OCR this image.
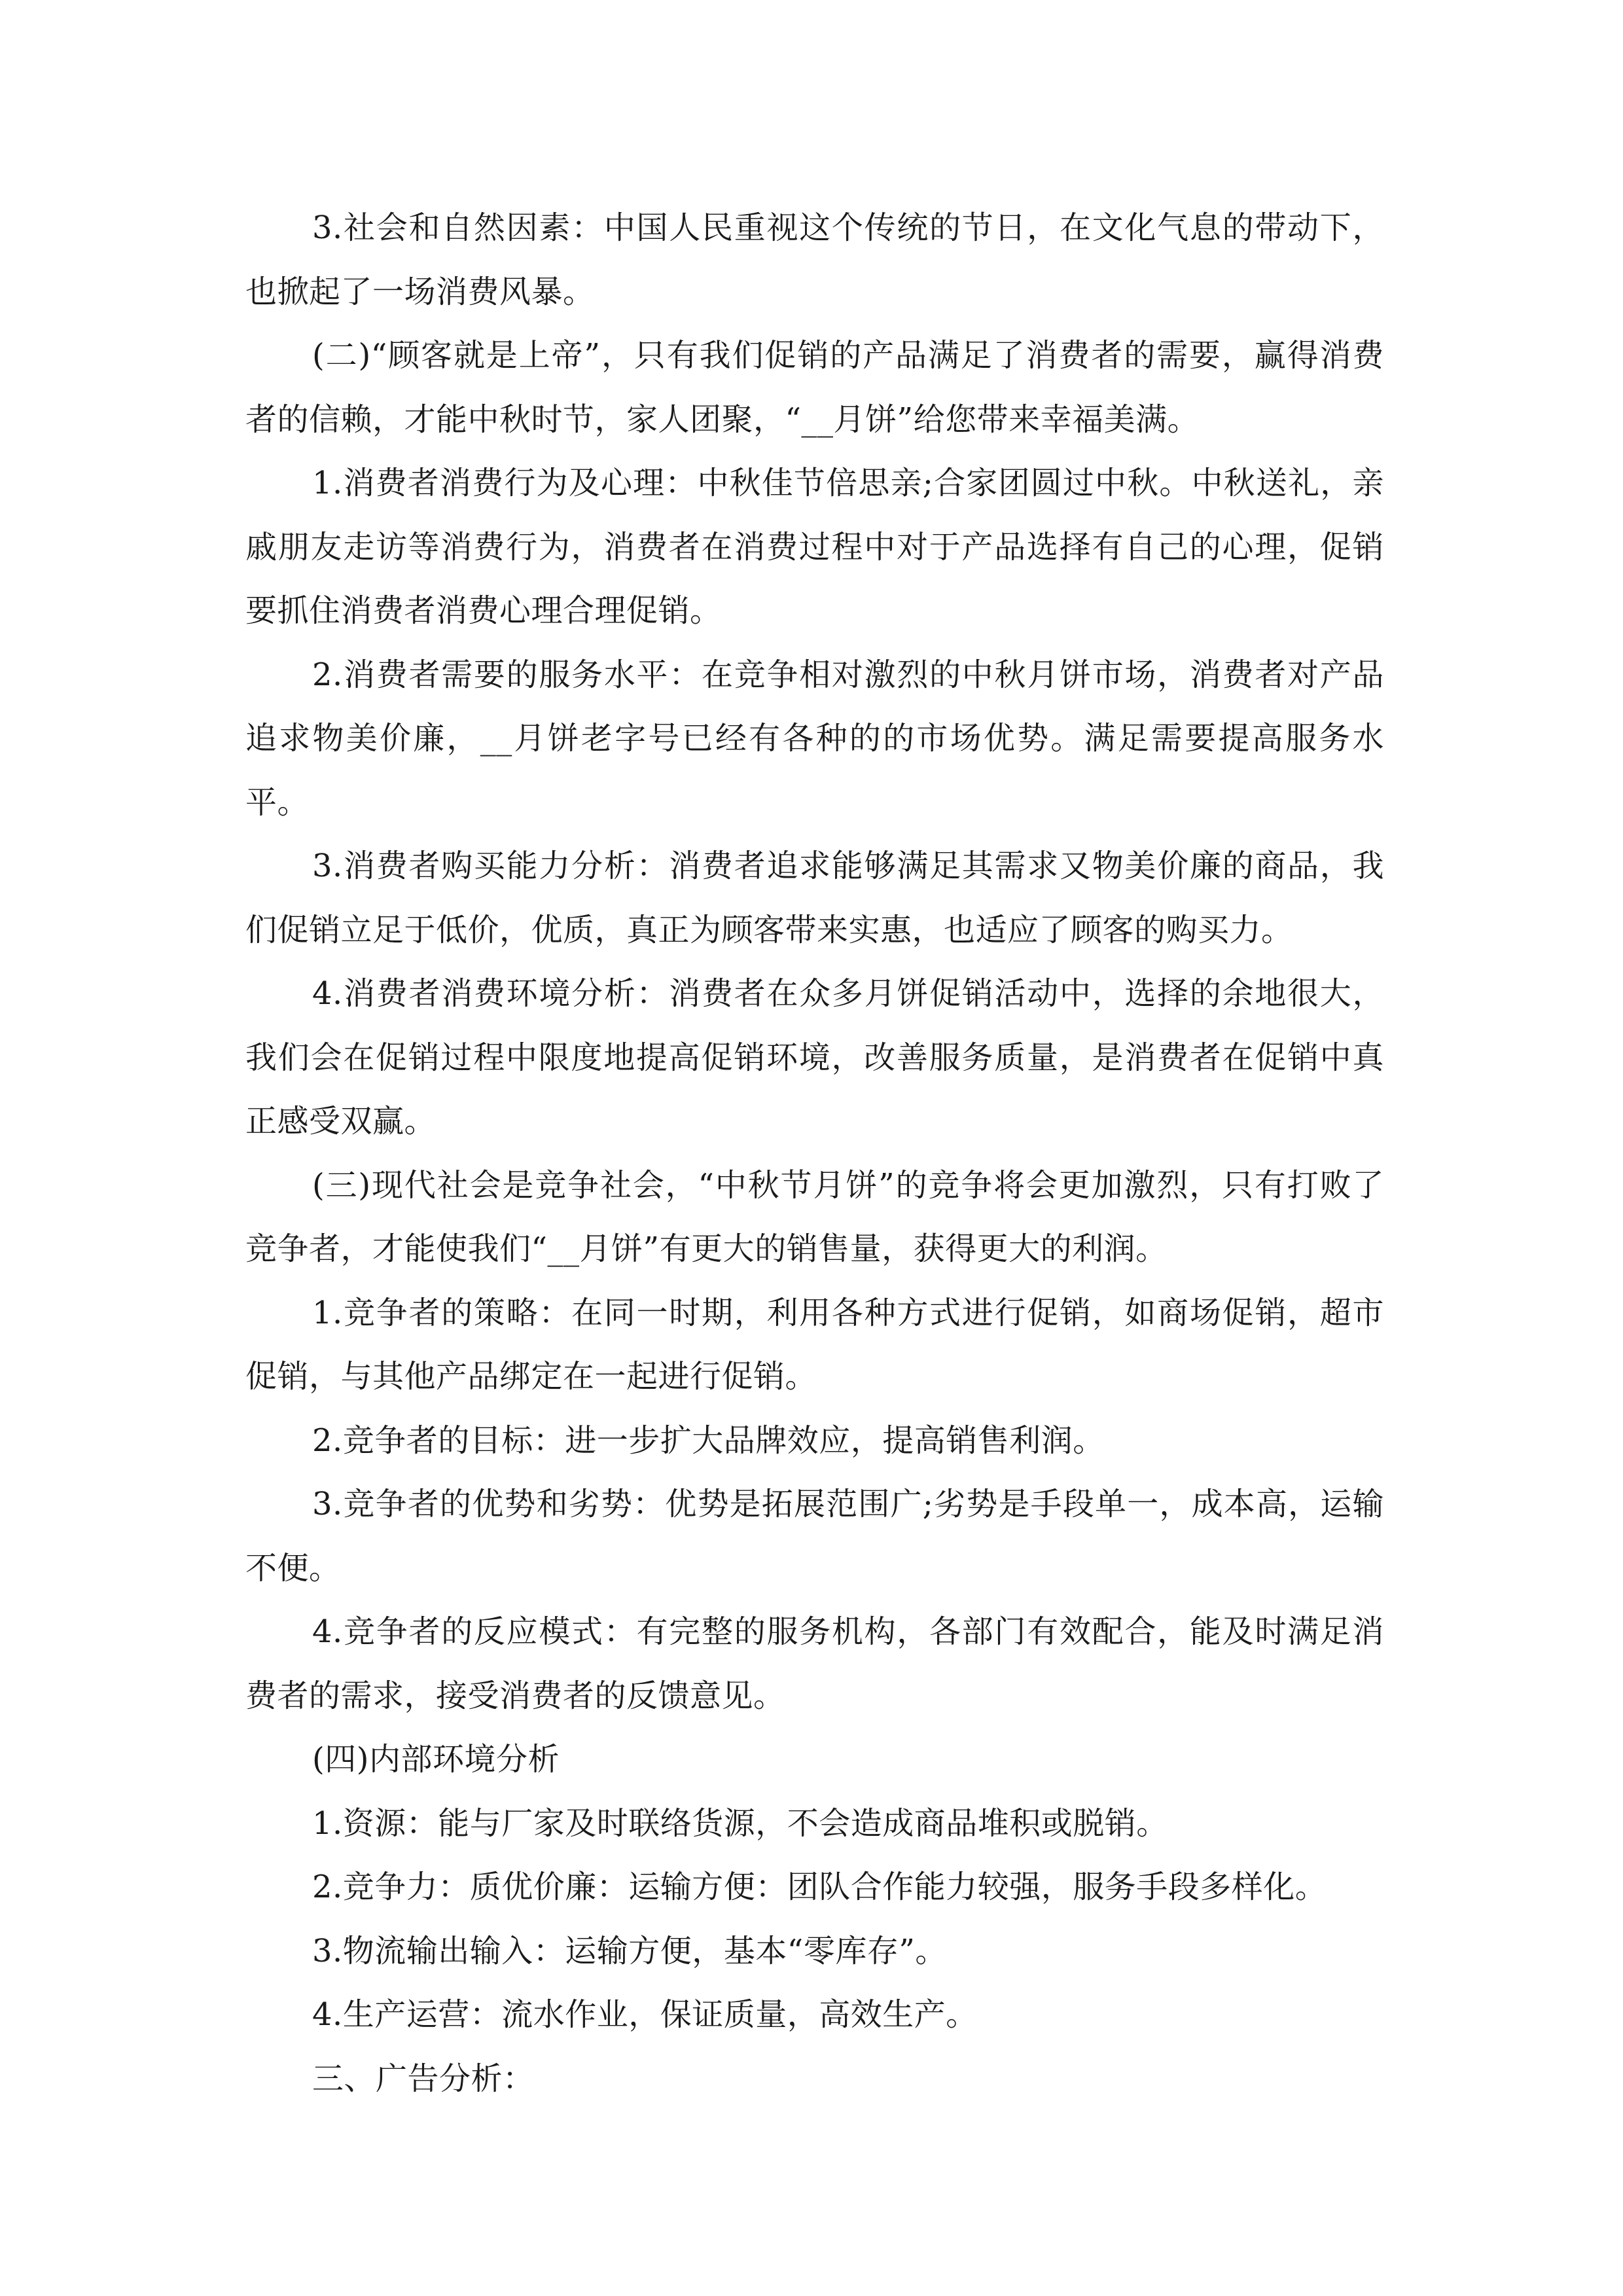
3.社会和自然因素：中国人民重视这个传统的节日，在文化气息的带动下，也掀起了一场消费风暴。

(二)“顾客就是上帝”，只有我们促销的产品满足了消费者的需要，赢得消费者的信赖，才能中秋时节，家人团聚，“__月饼”给您带来幸福美满。

1.消费者消费行为及心理：中秋佳节倍思亲;合家团圆过中秋。中秋送礼，亲戚朋友走访等消费行为，消费者在消费过程中对于产品选择有自己的心理，促销要抓住消费者消费心理合理促销。

2.消费者需要的服务水平：在竞争相对激烈的中秋月饼市场，消费者对产品追求物美价廉，__月饼老字号已经有各种的的市场优势。满足需要提高服务水平。

3.消费者购买能力分析：消费者追求能够满足其需求又物美价廉的商品，我们促销立足于低价，优质，真正为顾客带来实惠，也适应了顾客的购买力。

4.消费者消费环境分析：消费者在众多月饼促销活动中，选择的余地很大，我们会在促销过程中限度地提高促销环境，改善服务质量，是消费者在促销中真正感受双赢。

(三)现代社会是竞争社会，“中秋节月饼”的竞争将会更加激烈，只有打败了竞争者，才能使我们“__月饼”有更大的销售量，获得更大的利润。

1.竞争者的策略：在同一时期，利用各种方式进行促销，如商场促销，超市促销，与其他产品绑定在一起进行促销。

2.竞争者的目标：进一步扩大品牌效应，提高销售利润。

3.竞争者的优势和劣势：优势是拓展范围广;劣势是手段单一，成本高，运输不便。

4.竞争者的反应模式：有完整的服务机构，各部门有效配合，能及时满足消费者的需求，接受消费者的反馈意见。

(四)内部环境分析

1.资源：能与厂家及时联络货源，不会造成商品堆积或脱销。

2.竞争力：质优价廉：运输方便：团队合作能力较强，服务手段多样化。

3.物流输出输入：运输方便，基本“零库存”。

4.生产运营：流水作业，保证质量，高效生产。

三、广告分析：
